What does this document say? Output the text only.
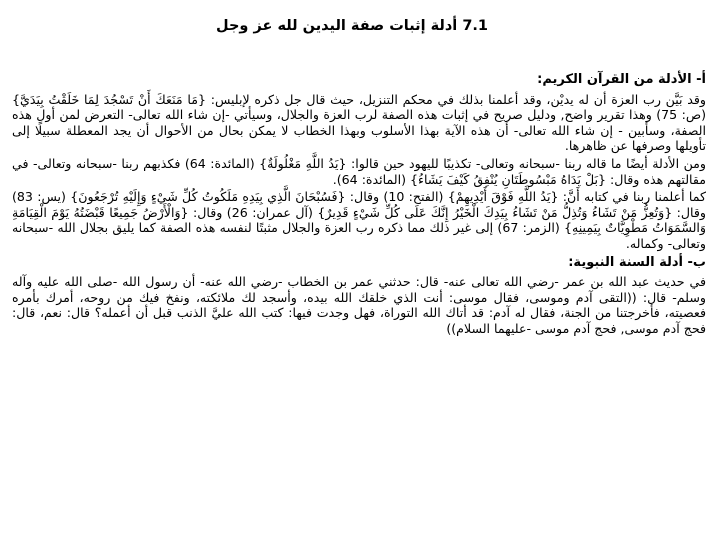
7.1 أدلة إثبات صفة اليدين لله عز وجل
أ- الأدلة من القرآن الكريم:

وقد بَيَّن رب العزة أن له يديْن، وقد أعلمنا بذلك في محكم التنزيل، حيث قال جل ذكره لإبليس: {مَا مَنَعَكَ أَنْ تَسْجُدَ لِمَا خَلَقْتُ بِيَدَيَّ} (ص: 75) وهذا تقرير واضح, ودليل صريح في إثبات هذه الصفة لرب العزة والجلال، وسيأتي -إن شاء الله تعالى- التعرض لمن أول هذه الصفة، وسأبين - إن شاء الله تعالى- أن هذه الآية بهذا الأسلوب وبهذا الخطاب لا يمكن بحال من الأحوال أن يجد المعطلة سبيلًا إلى تأويلها وصرفها عن ظاهرها.

ومن الأدلة أيضًا ما قاله ربنا -سبحانه وتعالى- تكذيبًا لليهود حين قالوا: {يَدُ اللَّهِ مَغْلُولَةٌ} (المائدة: 64) فكذبهم ربنا -سبحانه وتعالى- في مقالتهم هذه وقال: {بَلْ يَدَاهُ مَبْسُوطَتَانِ يُنْفِقُ كَيْفَ يَشَاءُ} (المائدة: 64).

كما أعلمنا ربنا في كتابه أَنَّ: {يَدُ اللَّهِ فَوْقَ أَيْدِيهِمْ} (الفتح: 10) وقال: {فَسُبْحَانَ الَّذِي بِيَدِهِ مَلَكُوتُ كُلِّ شَيْءٍ وَإِلَيْهِ تُرْجَعُونَ} (يس: 83) وقال: {وَتُعِزُّ مَنْ تَشَاءُ وَتُذِلُّ مَنْ تَشَاءُ بِيَدِكَ الْخَيْرُ إِنَّكَ عَلَى كُلِّ شَيْءٍ قَدِيرٌ} (آل عمران: 26) وقال: {وَالْأَرْضُ جَمِيعًا قَبْضَتُهُ يَوْمَ الْقِيَامَةِ وَالسَّمَوَاتُ مَطْوِيَّاتٌ بِيَمِينِهِ} (الزمر: 67) إلى غير ذلك مما ذكره رب العزة والجلال مثبتًا لنفسه هذه الصفة كما يليق بجلال الله -سبحانه وتعالى- وكماله.

ب- أدلة السنة النبوية:

في حديث عبد الله بن عمر -رضي الله تعالى عنه- قال: حدثني عمر بن الخطاب -رضي الله عنه- أن رسول الله -صلى الله عليه وآله وسلم- قال: ((التقى آدم وموسى، فقال موسى: أنت الذي خلقك الله بيده، وأسجد لك ملائكته، ونفخ فيك من روحه، أمرك بأمره فعصيته، فأخرجتنا من الجنة، فقال له آدم: قد أتاك الله التوراة، فهل وجدت فيها: كتب الله عليَّ الذنب قبل أن أعمله؟ قال: نعم، قال: فحج آدم موسى, فحج آدم موسى -عليهما السلام))
